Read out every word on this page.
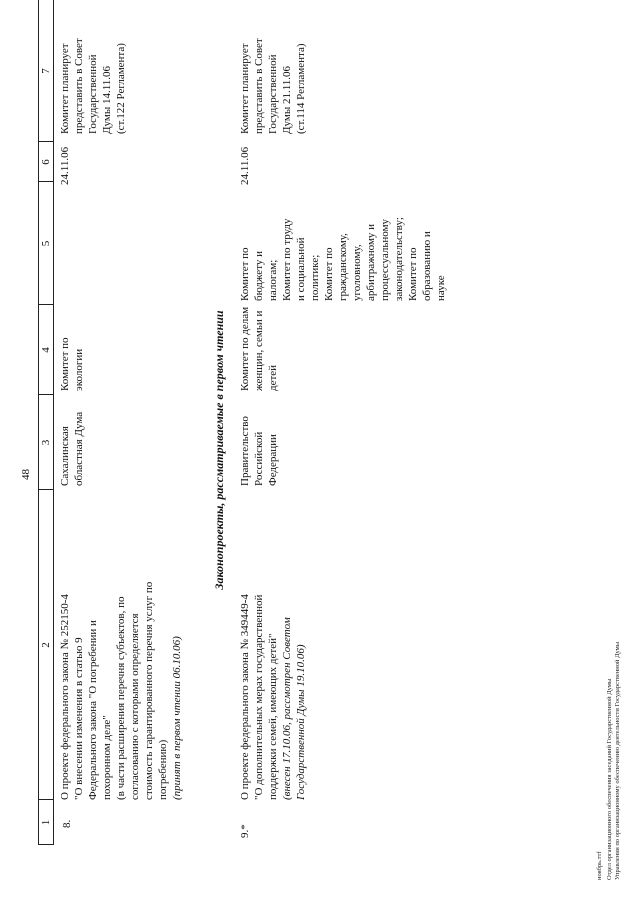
48
1
2
3
4
5
6
7
8.
О проекте федерального закона № 252150-4 "О внесении изменения в статью 9 Федерального закона "О погребении и похоронном деле" (в части расширения перечня субъектов, по согласованию с которыми определяется стоимость гарантированного перечня услуг по погребению) (принят в первом чтении 06.10.06)
Сахалинская областная Дума
Комитет по экологии
24.11.06
Комитет планирует представить в Совет Государственной Думы 14.11.06 (ст.122 Регламента)
Законопроекты, рассматриваемые в первом чтении
9.*
О проекте федерального закона № 349449-4 "О дополнительных мерах государственной поддержки семей, имеющих детей" (внесен 17.10.06, рассмотрен Советом Государственной Думы 19.10.06)
Правительство Российской Федерации
Комитет по делам женщин, семьи и детей
Комитет по бюджету и налогам; Комитет по труду и социальной политике; Комитет по гражданскому, уголовному, арбитражному и процессуальному законодательству; Комитет по образованию и науке
24.11.06
Комитет планирует представить в Совет Государственной Думы 21.11.06 (ст.114 Регламента)
ноябрь.ттf Отдел организационного обеспечения заседаний Государственной Думы Управления по организационному обеспечению деятельности Государственной Думы
